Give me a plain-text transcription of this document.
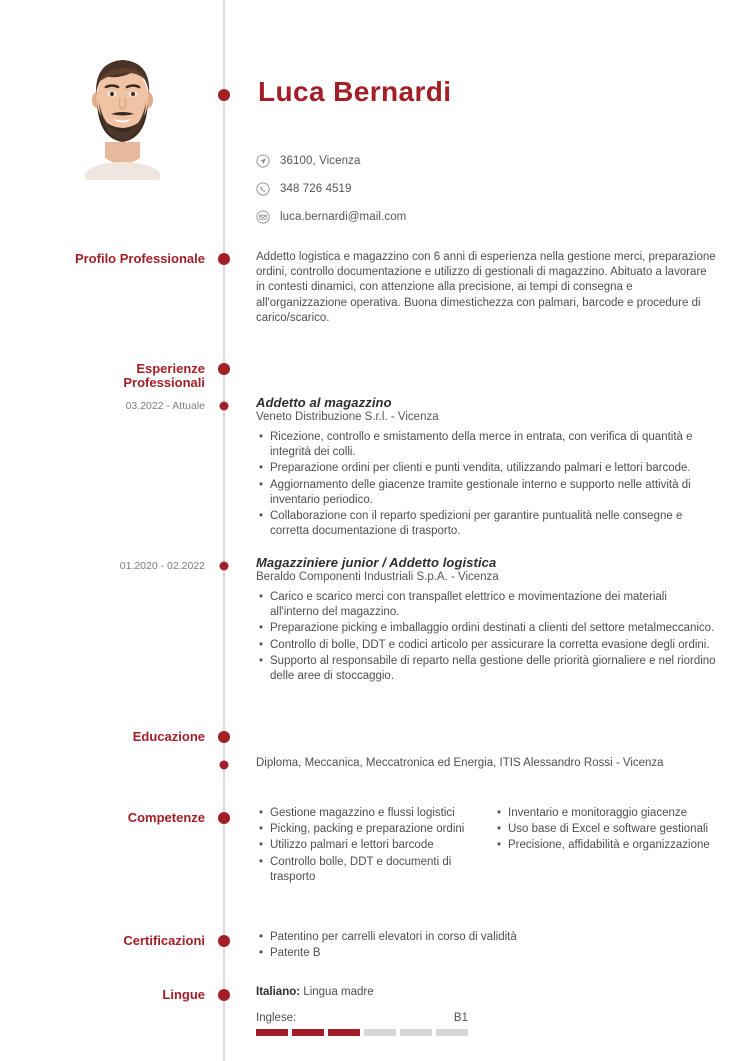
Luca Bernardi
36100, Vicenza
348 726 4519
luca.bernardi@mail.com
Profilo Professionale	Addetto logistica e magazzino con 6 anni di esperienza nella gestione merci, preparazione ordini, controllo documentazione e utilizzo di gestionali di magazzino. Abituato a lavorare in contesti dinamici, con attenzione alla precisione, ai tempi di consegna e all'organizzazione operativa. Buona dimestichezza con palmari, barcode e procedure di carico/scarico.
Esperienze
Professionali
03.2022 - Attuale	Addetto al magazzino
Veneto Distribuzione S.r.l. - Vicenza
• Ricezione, controllo e smistamento della merce in entrata, con verifica di quantità e integrità dei colli.
• Preparazione ordini per clienti e punti vendita, utilizzando palmari e lettori barcode.
• Aggiornamento delle giacenze tramite gestionale interno e supporto nelle attività di inventario periodico.
• Collaborazione con il reparto spedizioni per garantire puntualità nelle consegne e corretta documentazione di trasporto.
01.2020 - 02.2022	Magazziniere junior / Addetto logistica
Beraldo Componenti Industriali S.p.A. - Vicenza
• Carico e scarico merci con transpallet elettrico e movimentazione dei materiali all'interno del magazzino.
• Preparazione picking e imballaggio ordini destinati a clienti del settore metalmeccanico.
• Controllo di bolle, DDT e codici articolo per assicurare la corretta evasione degli ordini.
• Supporto al responsabile di reparto nella gestione delle priorità giornaliere e nel riordino delle aree di stoccaggio.
Educazione
Diploma, Meccanica, Meccatronica ed Energia, ITIS Alessandro Rossi - Vicenza
Competenze	• Gestione magazzino e flussi logistici
• Picking, packing e preparazione ordini
• Utilizzo palmari e lettori barcode
• Controllo bolle, DDT e documenti di trasporto
• Inventario e monitoraggio giacenze
• Uso base di Excel e software gestionali
• Precisione, affidabilità e organizzazione
Certificazioni	• Patentino per carrelli elevatori in corso di validità
• Patente B
Lingue	Italiano: Lingua madre
Inglese:	B1
